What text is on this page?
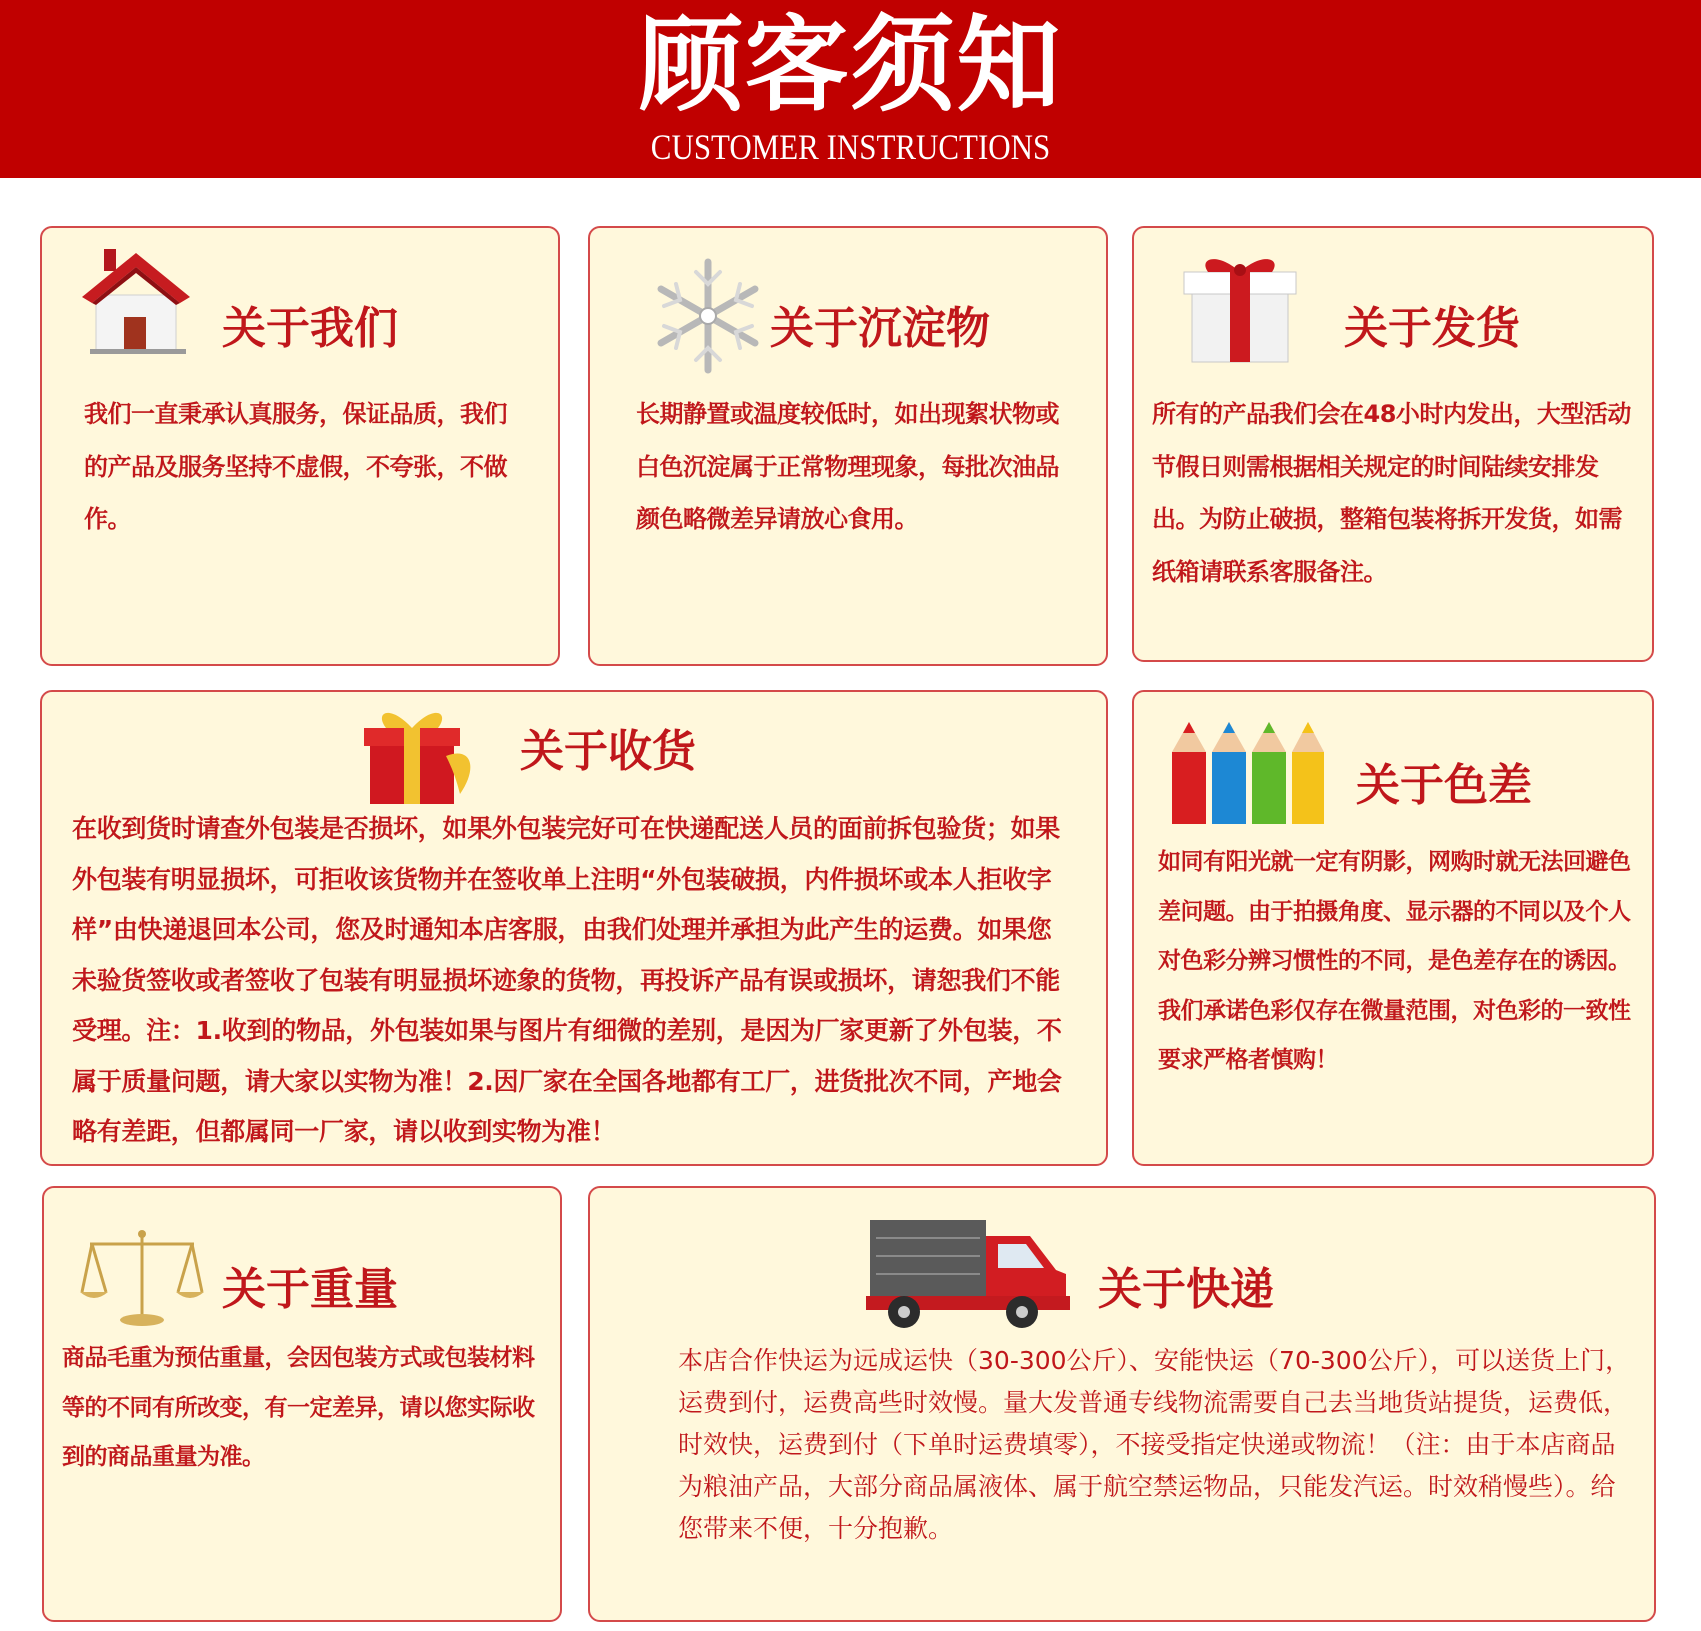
顾客须知
CUSTOMER INSTRUCTIONS
关于我们

我们一直秉承认真服务，保证品质，我们的产品及服务坚持不虚假，不夸张，不做作。

关于沉淀物

长期静置或温度较低时，如出现絮状物或白色沉淀属于正常物理现象，每批次油品颜色略微差异请放心食用。

关于发货

所有的产品我们会在48小时内发出，大型活动节假日则需根据相关规定的时间陆续安排发出。为防止破损，整箱包装将拆开发货，如需纸箱请联系客服备注。

关于收货

在收到货时请查外包装是否损坏，如果外包装完好可在快递配送人员的面前拆包验货；如果外包装有明显损坏，可拒收该货物并在签收单上注明“外包装破损，内件损坏或本人拒收字样”由快递退回本公司，您及时通知本店客服，由我们处理并承担为此产生的运费。如果您未验货签收或者签收了包装有明显损坏迹象的货物，再投诉产品有误或损坏，请恕我们不能受理。注：1.收到的物品，外包装如果与图片有细微的差别，是因为厂家更新了外包装，不属于质量问题，请大家以实物为准！2.因厂家在全国各地都有工厂，进货批次不同，产地会略有差距，但都属同一厂家，请以收到实物为准！

关于色差

如同有阳光就一定有阴影，网购时就无法回避色差问题。由于拍摄角度、显示器的不同以及个人对色彩分辨习惯性的不同，是色差存在的诱因。我们承诺色彩仅存在微量范围，对色彩的一致性要求严格者慎购！

关于重量

商品毛重为预估重量，会因包装方式或包装材料等的不同有所改变，有一定差异，请以您实际收到的商品重量为准。

关于快递

本店合作快运为远成运快（30-300公斤）、安能快运（70-300公斤），可以送货上门，运费到付，运费高些时效慢。量大发普通专线物流需要自己去当地货站提货，运费低，时效快，运费到付（下单时运费填零），不接受指定快递或物流！（注：由于本店商品为粮油产品，大部分商品属液体、属于航空禁运物品，只能发汽运。时效稍慢些）。给您带来不便，十分抱歉。
